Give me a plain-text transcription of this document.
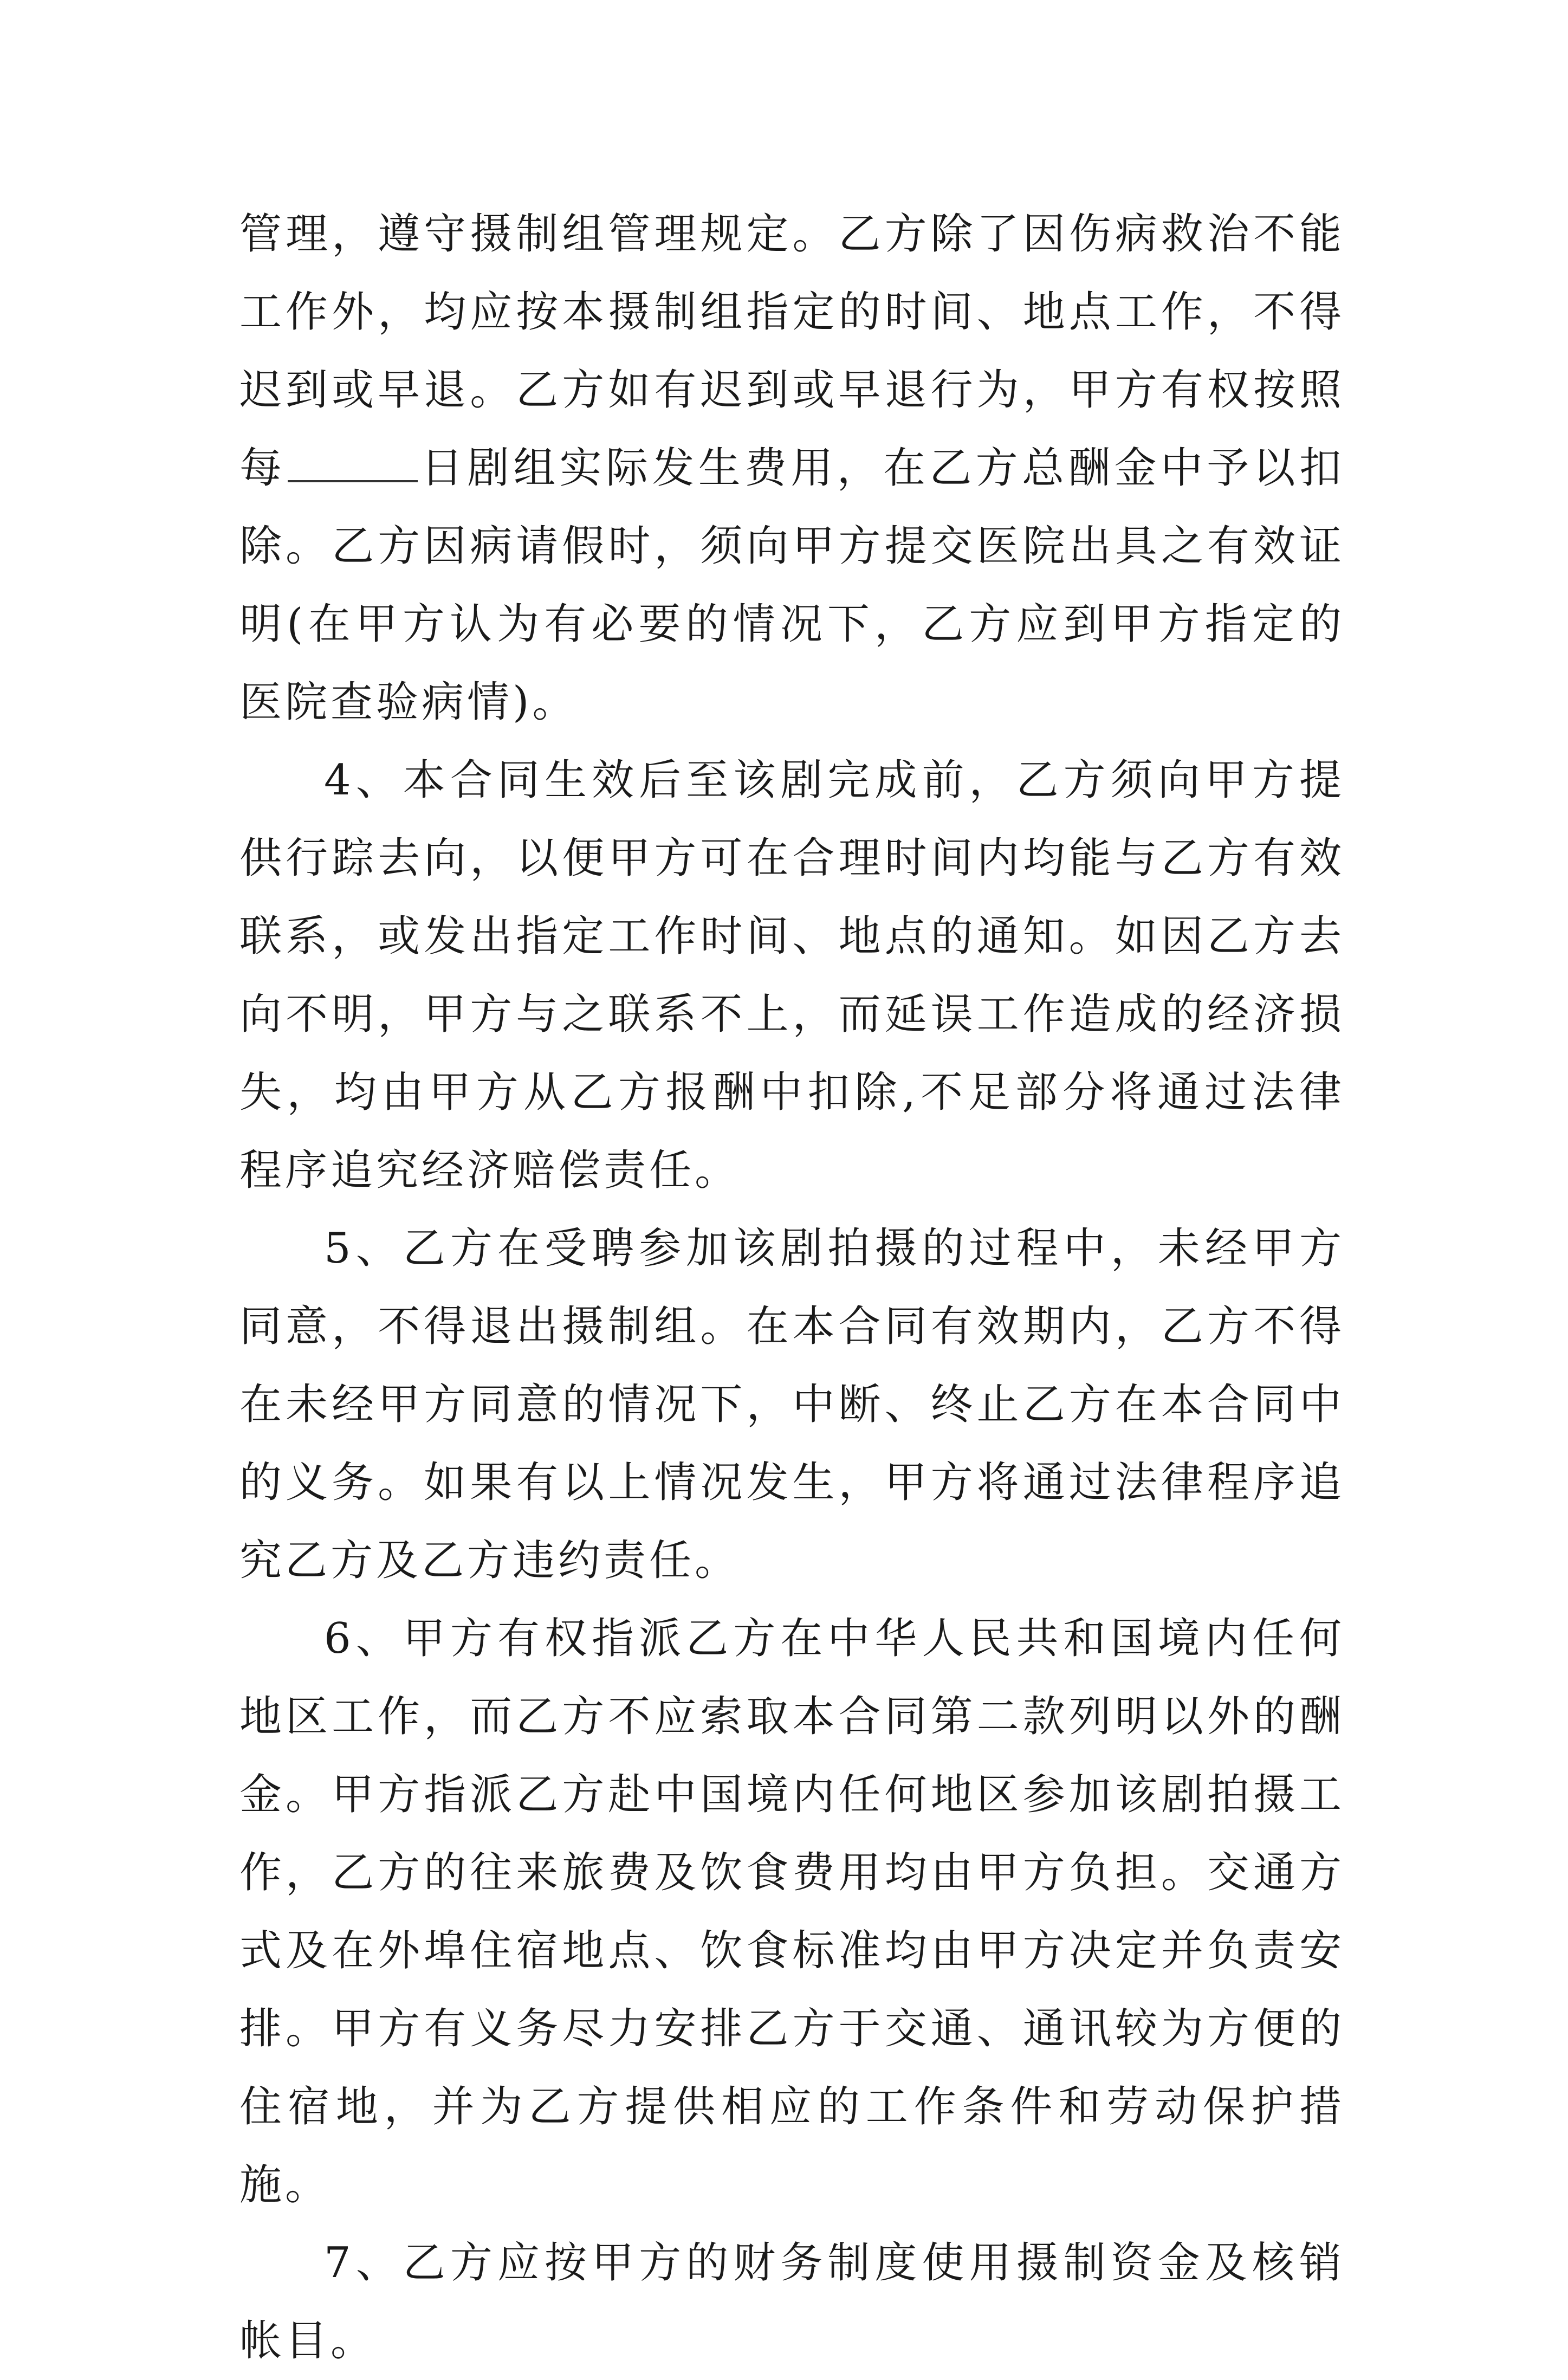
管理，遵守摄制组管理规定。乙方除了因伤病救治不能工作外，均应按本摄制组指定的时间、地点工作，不得迟到或早退。乙方如有迟到或早退行为，甲方有权按照每	日剧组实际发生费用，在乙方总酬金中予以扣除。乙方因病请假时，须向甲方提交医院出具之有效证明(在甲方认为有必要的情况下，乙方应到甲方指定的医院查验病情)。

4、本合同生效后至该剧完成前，乙方须向甲方提供行踪去向，以便甲方可在合理时间内均能与乙方有效联系，或发出指定工作时间、地点的通知。如因乙方去向不明，甲方与之联系不上，而延误工作造成的经济损失，均由甲方从乙方报酬中扣除,不足部分将通过法律程序追究经济赔偿责任。

5、乙方在受聘参加该剧拍摄的过程中，未经甲方同意，不得退出摄制组。在本合同有效期内，乙方不得在未经甲方同意的情况下，中断、终止乙方在本合同中的义务。如果有以上情况发生，甲方将通过法律程序追究乙方及乙方违约责任。

6、甲方有权指派乙方在中华人民共和国境内任何地区工作，而乙方不应索取本合同第二款列明以外的酬金。甲方指派乙方赴中国境内任何地区参加该剧拍摄工作，乙方的往来旅费及饮食费用均由甲方负担。交通方式及在外埠住宿地点、饮食标准均由甲方决定并负责安排。甲方有义务尽力安排乙方于交通、通讯较为方便的住宿地，并为乙方提供相应的工作条件和劳动保护措施。

7、乙方应按甲方的财务制度使用摄制资金及核销帐目。
